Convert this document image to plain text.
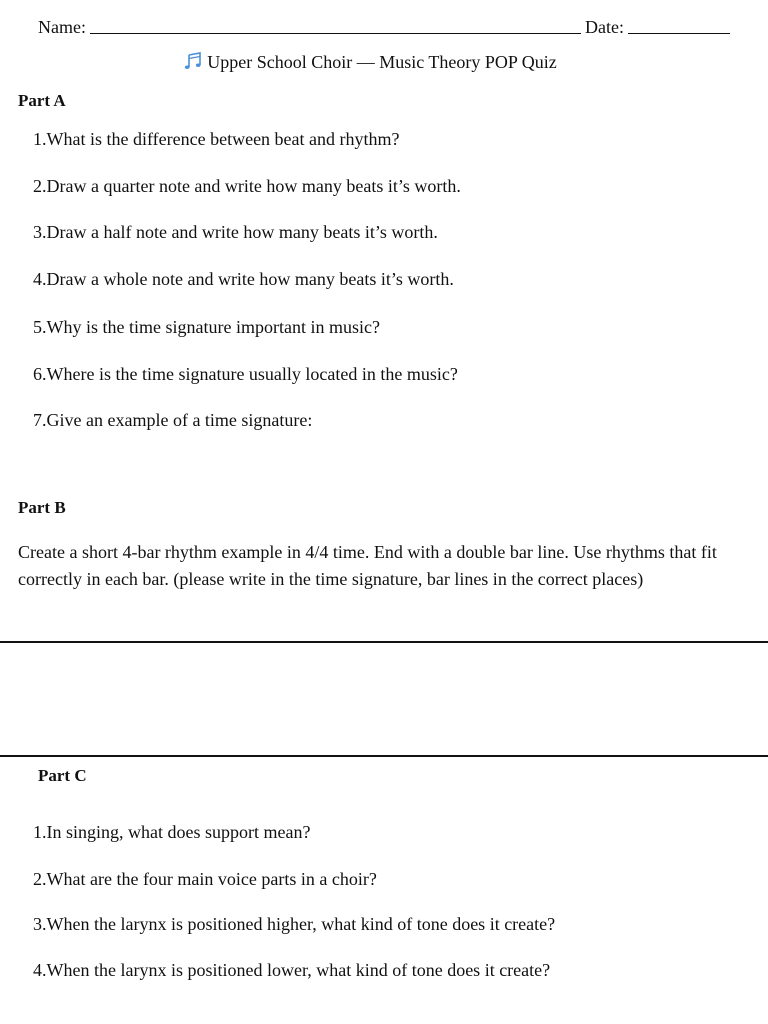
Name:	Date:
Upper School Choir — Music Theory POP Quiz
Part A
1.What is the difference between beat and rhythm?
2.Draw a quarter note and write how many beats it’s worth.
3.Draw a half note and write how many beats it’s worth.
4.Draw a whole note and write how many beats it’s worth.
5.Why is the time signature important in music?
6.Where is the time signature usually located in the music?
7.Give an example of a time signature:
Part B
Create a short 4-bar rhythm example in 4/4 time. End with a double bar line. Use rhythms that fit correctly in each bar. (please write in the time signature, bar lines in the correct places)
Part C
1.In singing, what does support mean?
2.What are the four main voice parts in a choir?
3.When the larynx is positioned higher, what kind of tone does it create?
4.When the larynx is positioned lower, what kind of tone does it create?
